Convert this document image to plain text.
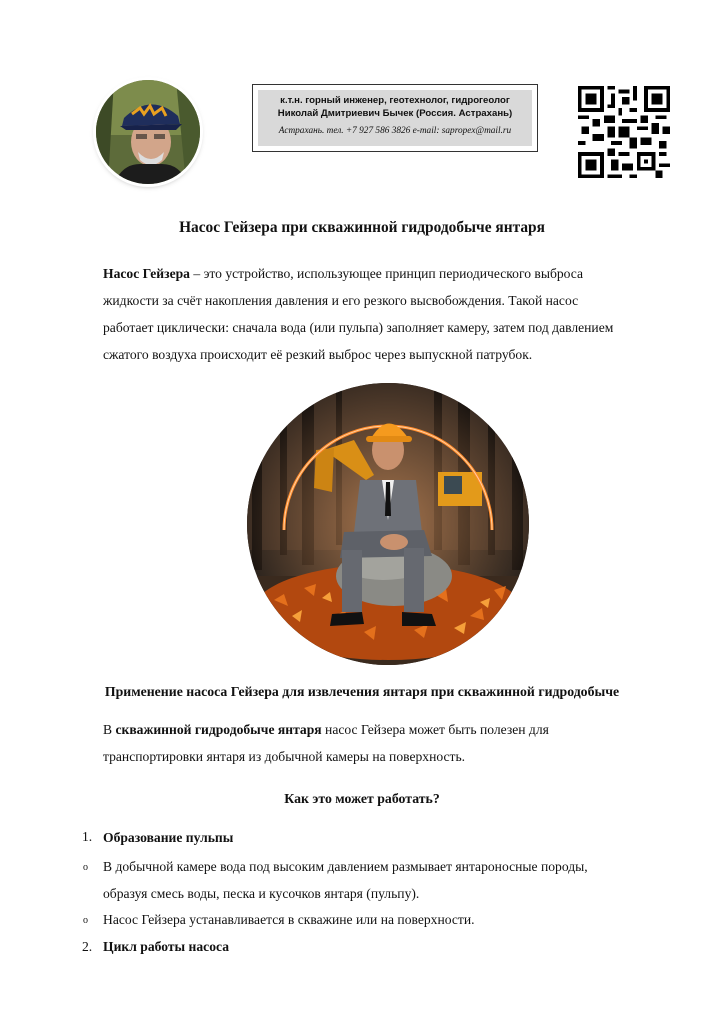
к.т.н. горный инженер, геотехнолог, гидрогеолог
Николай Дмитриевич Бычек (Россия. Астрахань)
Астрахань. тел. +7 927 586 3826 e-mail: sapropex@mail.ru
Насос Гейзера при скважинной гидродобыче янтаря
Насос Гейзера – это устройство, использующее принцип периодического выброса жидкости за счёт накопления давления и его резкого высвобождения. Такой насос работает циклически: сначала вода (или пульпа) заполняет камеру, затем под давлением сжатого воздуха происходит её резкий выброс через выпускной патрубок.
Применение насоса Гейзера для извлечения янтаря при скважинной гидродобыче
В скважинной гидродобыче янтаря насос Гейзера может быть полезен для транспортировки янтаря из добычной камеры на поверхность.
Как это может работать?
1. Образование пульпы
o В добычной камере вода под высоким давлением размывает янтароносные породы, образуя смесь воды, песка и кусочков янтаря (пульпу).
o Насос Гейзера устанавливается в скважине или на поверхности.
2. Цикл работы насоса
